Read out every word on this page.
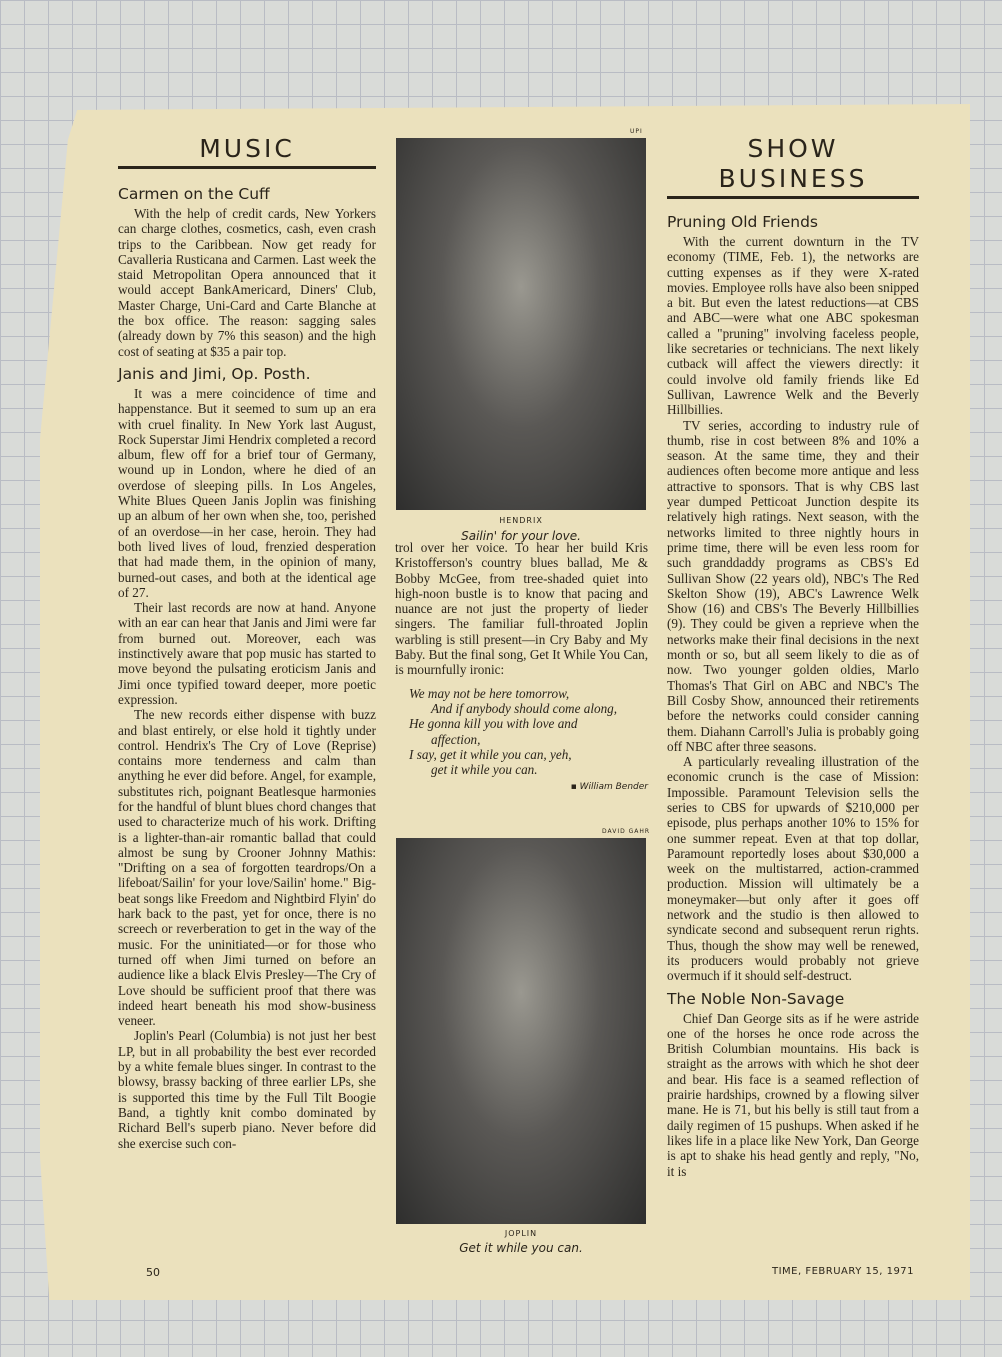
MUSIC
Carmen on the Cuff

With the help of credit cards, New Yorkers can charge clothes, cosmetics, cash, even crash trips to the Caribbean. Now get ready for Cavalleria Rusticana and Carmen. Last week the staid Metropolitan Opera announced that it would accept BankAmericard, Diners' Club, Master Charge, Uni-Card and Carte Blanche at the box office. The reason: sagging sales (already down by 7% this season) and the high cost of seating at $35 a pair top.

Janis and Jimi, Op. Posth.

It was a mere coincidence of time and happenstance. But it seemed to sum up an era with cruel finality. In New York last August, Rock Superstar Jimi Hendrix completed a record album, flew off for a brief tour of Germany, wound up in London, where he died of an overdose of sleeping pills. In Los Angeles, White Blues Queen Janis Joplin was finishing up an album of her own when she, too, perished of an overdose—in her case, heroin. They had both lived lives of loud, frenzied desperation that had made them, in the opinion of many, burned-out cases, and both at the identical age of 27.

Their last records are now at hand. Anyone with an ear can hear that Janis and Jimi were far from burned out. Moreover, each was instinctively aware that pop music has started to move beyond the pulsating eroticism Janis and Jimi once typified toward deeper, more poetic expression.

The new records either dispense with buzz and blast entirely, or else hold it tightly under control. Hendrix's The Cry of Love (Reprise) contains more tenderness and calm than anything he ever did before. Angel, for example, substitutes rich, poignant Beatlesque harmonies for the handful of blunt blues chord changes that used to characterize much of his work. Drifting is a lighter-than-air romantic ballad that could almost be sung by Crooner Johnny Mathis: "Drifting on a sea of forgotten teardrops/On a lifeboat/Sailin' for your love/Sailin' home." Big-beat songs like Freedom and Nightbird Flyin' do hark back to the past, yet for once, there is no screech or reverberation to get in the way of the music. For the uninitiated—or for those who turned off when Jimi turned on before an audience like a black Elvis Presley—The Cry of Love should be sufficient proof that there was indeed heart beneath his mod show-business veneer.

Joplin's Pearl (Columbia) is not just her best LP, but in all probability the best ever recorded by a white female blues singer. In contrast to the blowsy, brassy backing of three earlier LPs, she is supported this time by the Full Tilt Boogie Band, a tightly knit combo dominated by Richard Bell's superb piano. Never before did she exercise such con-

UPI
HENDRIX
Sailin' for your love.
DAVID GAHR
JOPLIN
Get it while you can.

trol over her voice. To hear her build Kris Kristofferson's country blues ballad, Me & Bobby McGee, from tree-shaded quiet into high-noon bustle is to know that pacing and nuance are not just the property of lieder singers. The familiar full-throated Joplin warbling is still present—in Cry Baby and My Baby. But the final song, Get It While You Can, is mournfully ironic:

We may not be here tomorrow,
And if anybody should come along,
He gonna kill you with love and
affection,
I say, get it while you can, yeh,
get it while you can.
▪ William Bender
SHOW
BUSINESS
Pruning Old Friends

With the current downturn in the TV economy (TIME, Feb. 1), the networks are cutting expenses as if they were X-rated movies. Employee rolls have also been snipped a bit. But even the latest reductions—at CBS and ABC—were what one ABC spokesman called a "pruning" involving faceless people, like secretaries or technicians. The next likely cutback will affect the viewers directly: it could involve old family friends like Ed Sullivan, Lawrence Welk and the Beverly Hillbillies.

TV series, according to industry rule of thumb, rise in cost between 8% and 10% a season. At the same time, they and their audiences often become more antique and less attractive to sponsors. That is why CBS last year dumped Petticoat Junction despite its relatively high ratings. Next season, with the networks limited to three nightly hours in prime time, there will be even less room for such granddaddy programs as CBS's Ed Sullivan Show (22 years old), NBC's The Red Skelton Show (19), ABC's Lawrence Welk Show (16) and CBS's The Beverly Hillbillies (9). They could be given a reprieve when the networks make their final decisions in the next month or so, but all seem likely to die as of now. Two younger golden oldies, Marlo Thomas's That Girl on ABC and NBC's The Bill Cosby Show, announced their retirements before the networks could consider canning them. Diahann Carroll's Julia is probably going off NBC after three seasons.

A particularly revealing illustration of the economic crunch is the case of Mission: Impossible. Paramount Television sells the series to CBS for upwards of $210,000 per episode, plus perhaps another 10% to 15% for one summer repeat. Even at that top dollar, Paramount reportedly loses about $30,000 a week on the multistarred, action-crammed production. Mission will ultimately be a moneymaker—but only after it goes off network and the studio is then allowed to syndicate second and subsequent rerun rights. Thus, though the show may well be renewed, its producers would probably not grieve overmuch if it should self-destruct.

The Noble Non-Savage

Chief Dan George sits as if he were astride one of the horses he once rode across the British Columbian mountains. His back is straight as the arrows with which he shot deer and bear. His face is a seamed reflection of prairie hardships, crowned by a flowing silver mane. He is 71, but his belly is still taut from a daily regimen of 15 pushups. When asked if he likes life in a place like New York, Dan George is apt to shake his head gently and reply, "No, it is

50	TIME, FEBRUARY 15, 1971
